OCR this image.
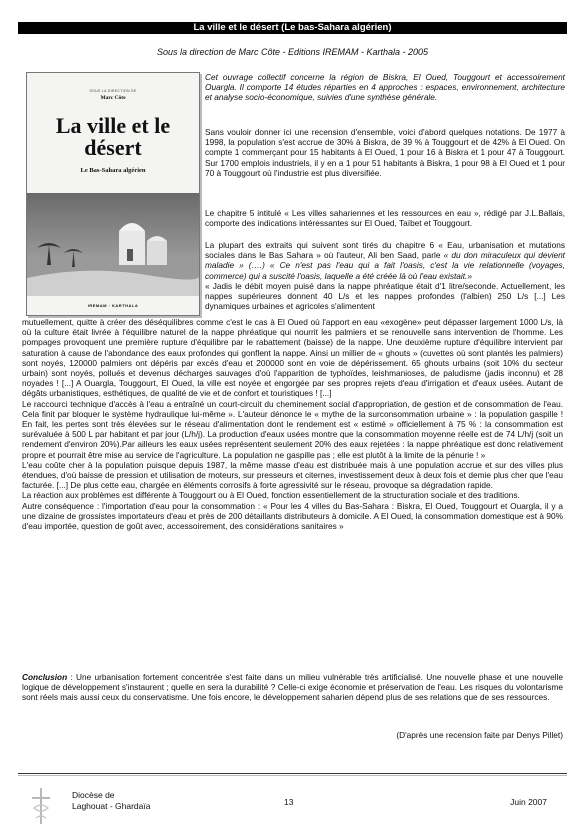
La ville et le désert (Le bas-Sahara algérien)
Sous la direction de Marc Côte - Editions IREMAM - Karthala - 2005
SOUS LA DIRECTION DE
Marc Côte
La ville et le désert
Le Bas-Sahara algérien
IREMAM · KARTHALA

Cet ouvrage collectif concerne la région de Biskra, El Oued, Touggourt et accessoirement Ouargla. Il comporte 14 études réparties en 4 approches : espaces, environnement, architecture et analyse socio-économique, suivies d'une synthèse générale.

Sans vouloir donner ici une recension d'ensemble, voici d'abord quelques notations. De 1977 à 1998, la population s'est accrue de 30% à Biskra, de 39 % à Touggourt et de 42% à El Oued. On compte 1 commerçant pour 15 habitants à El Oued, 1 pour 16 à Biskra et 1 pour 47 à Touggourt. Sur 1700 emplois industriels, il y en a 1 pour 51 habitants à Biskra, 1 pour 98 à El Oued et 1 pour 70 à Touggourt où l'industrie est plus diversifiée.

Le chapitre 5 intitulé « Les villes sahariennes et les ressources en eau », rédigé par J.L.Ballais, comporte des indications intéressantes sur El Oued, Taïbet et Touggourt.

La plupart des extraits qui suivent sont tirés du chapitre 6 « Eau, urbanisation et mutations sociales dans le Bas Sahara » où l'auteur, Ali ben Saad, parle « du don miraculeux qui devient maladie » (….) « Ce n'est pas l'eau qui a fait l'oasis, c'est la vie relationnelle (voyages, commerce) qui a suscité l'oasis, laquelle a été créée là où l'eau existait.»

« Jadis le débit moyen puisé dans la nappe phréatique était d'1 litre/seconde. Actuellement, les nappes supérieures donnent 40 L/s et les nappes profondes (l'albien) 250 L/s [...] Les dynamiques urbaines et agricoles s'alimentent

mutuellement, quitte à créer des déséquilibres comme c'est le cas à El Oued où l'apport en eau «exogène» peut dépasser largement 1000 L/s, là où la culture était livrée à l'équilibre naturel de la nappe phréatique qui nourrit les palmiers et se renouvelle sans intervention de l'homme. Les pompages provoquent une première rupture d'équilibre par le rabattement (baisse) de la nappe. Une deuxième rupture d'équilibre intervient par saturation à cause de l'abondance des eaux profondes qui gonflent la nappe. Ainsi un millier de « ghouts » (cuvettes où sont plantés les palmiers) sont noyés, 120000 palmiers ont dépéris par excès d'eau et 200000 sont en voie de dépérissement. 65 ghouts urbains (soit 10% du secteur urbain) sont noyés, pollués et devenus décharges sauvages d'où l'apparition de typhoïdes, leishmanioses, de paludisme (jadis inconnu) et 28 noyades ! [...] A Ouargla, Touggourt, El Oued, la ville est noyée et engorgée par ses propres rejets d'eau d'irrigation et d'eaux usées. Autant de dégâts urbanistiques, esthétiques, de qualité de vie et de confort et touristiques ! [...]

Le raccourci technique d'accès à l'eau a entraîné un court-circuit du cheminement social d'appropriation, de gestion et de consommation de l'eau. Cela finit par bloquer le système hydraulique lui-même ». L'auteur dénonce le « mythe de la surconsommation urbaine » : la population gaspille ! En fait, les pertes sont très élevées sur le réseau d'alimentation dont le rendement est « estimé » officiellement à 75 % : la consommation est surévaluée à 500 L par habitant et par jour (L/h/j). La production d'eaux usées montre que la consommation moyenne réelle est de 74 L/h/j (soit un rendement d'environ 20%).Par ailleurs les eaux usées représentent seulement 20% des eaux rejetées : la nappe phréatique est donc relativement propre et pourrait être mise au service de l'agriculture. La population ne gaspille pas ; elle est plutôt à la limite de la pénurie ! »

L'eau coûte cher à la population puisque depuis 1987, la même masse d'eau est distribuée mais à une population accrue et sur des villes plus étendues, d'où baisse de pression et utilisation de moteurs, sur presseurs et citernes, investissement deux à deux fois et demie plus cher que l'eau facturée. [...] De plus cette eau, chargée en éléments corrosifs à forte agressivité sur le réseau, provoque sa dégradation rapide.

La réaction aux problèmes est différente à Touggourt ou à El Oued, fonction essentiellement de la structuration sociale et des traditions.

Autre conséquence : l'importation d'eau pour la consommation : « Pour les 4 villes du Bas-Sahara : Biskra, El Oued, Touggourt et Ouargla, il y a une dizaine de grossistes importateurs d'eau et près de 200 détaillants distributeurs à domicile. A El Oued, la consommation domestique est à 90% d'eau importée, question de goût avec, accessoirement, des considérations sanitaires »

Conclusion : Une urbanisation fortement concentrée s'est faite dans un milieu vulnérable très artificialisé. Une nouvelle phase et une nouvelle logique de développement s'instaurent ; quelle en sera la durabilité ? Celle-ci exige économie et préservation de l'eau. Les risques du volontarisme sont réels mais aussi ceux du conservatisme. Une fois encore, le développement saharien dépend plus de ses relations que de ses ressources.

(D'après une recension faite par Denys Pillet)
Diocèse de
Laghouat - Ghardaïa	13	Juin 2007
